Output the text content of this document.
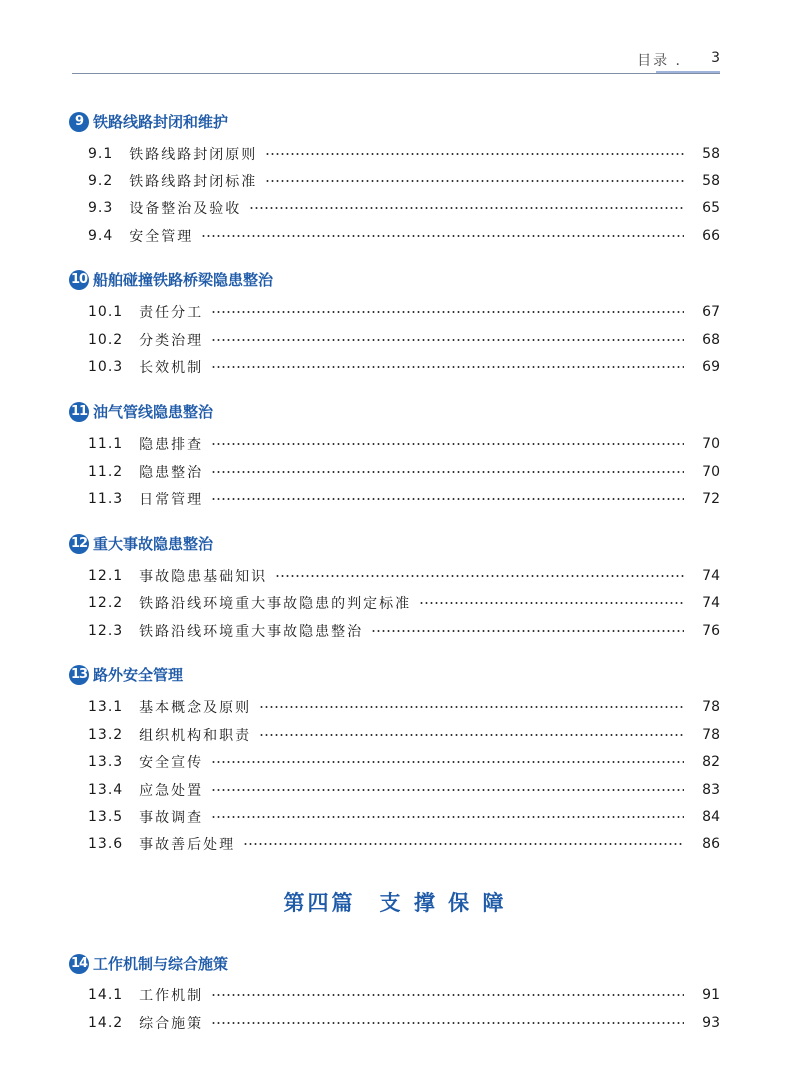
目录 . 3
9 铁路线路封闭和维护
9.1 铁路线路封闭原则	58
9.2 铁路线路封闭标准	58
9.3 设备整治及验收	65
9.4 安全管理	66
10 船舶碰撞铁路桥梁隐患整治
10.1 责任分工	67
10.2 分类治理	68
10.3 长效机制	69
11 油气管线隐患整治
11.1 隐患排查	70
11.2 隐患整治	70
11.3 日常管理	72
12 重大事故隐患整治
12.1 事故隐患基础知识	74
12.2 铁路沿线环境重大事故隐患的判定标准	74
12.3 铁路沿线环境重大事故隐患整治	76
13 路外安全管理
13.1 基本概念及原则	78
13.2 组织机构和职责	78
13.3 安全宣传	82
13.4 应急处置	83
13.5 事故调查	84
13.6 事故善后处理	86
第四篇　支 撑 保 障
14 工作机制与综合施策
14.1 工作机制	91
14.2 综合施策	93
